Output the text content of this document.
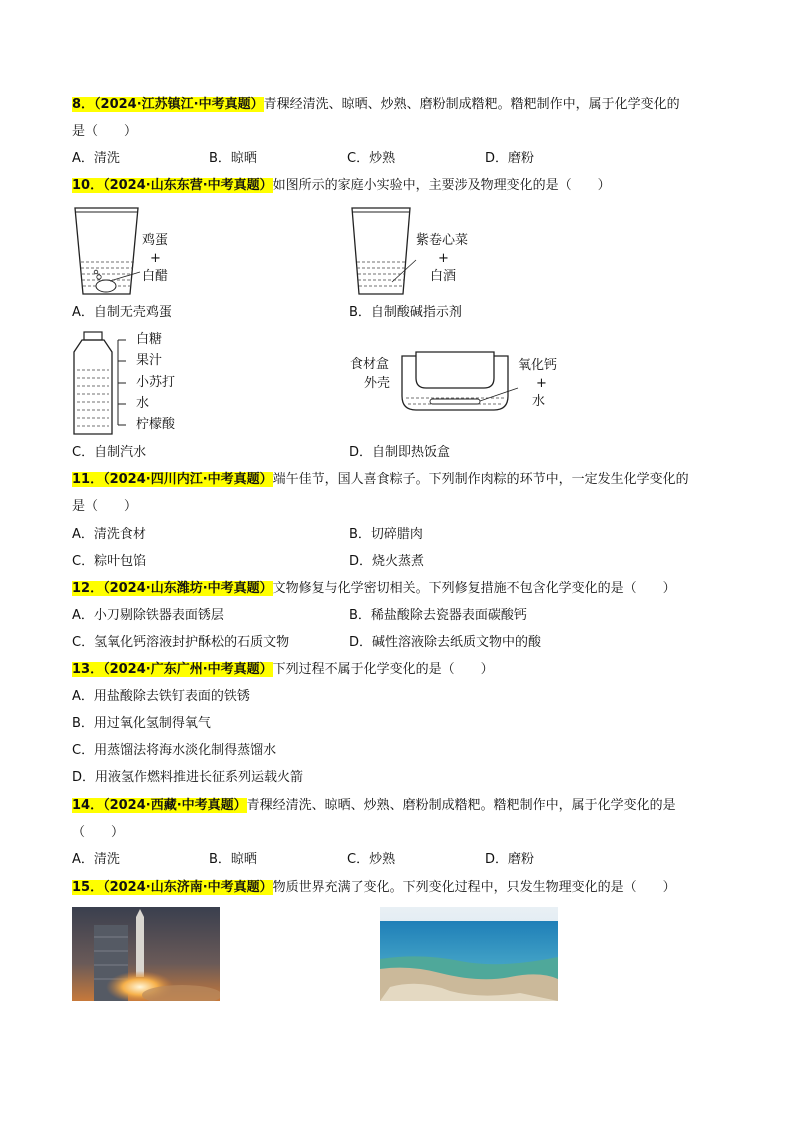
8．（2024·江苏镇江·中考真题）青稞经清洗、晾晒、炒熟、磨粉制成糌粑。糌粑制作中，属于化学变化的
是（　　）
A．清洗	B．晾晒	C．炒熟	D．磨粉
10．（2024·山东东营·中考真题）如图所示的家庭小实验中，主要涉及物理变化的是（　　）
鸡蛋
+
白醋
紫卷心菜
+
白酒
A．自制无壳鸡蛋	B．自制酸碱指示剂
白糖
果汁
小苏打
水
柠檬酸
食材盒
外壳
氧化钙
+
水
C．自制汽水	D．自制即热饭盒
11．（2024·四川内江·中考真题）端午佳节，国人喜食粽子。下列制作肉粽的环节中，一定发生化学变化的
是（　　）
A．清洗食材	B．切碎腊肉
C．粽叶包馅	D．烧火蒸煮
12．（2024·山东潍坊·中考真题）文物修复与化学密切相关。下列修复措施不包含化学变化的是（　　）
A．小刀剔除铁器表面锈层	B．稀盐酸除去瓷器表面碳酸钙
C．氢氧化钙溶液封护酥松的石质文物	D．碱性溶液除去纸质文物中的酸
13．（2024·广东广州·中考真题）下列过程不属于化学变化的是（　　）
A．用盐酸除去铁钉表面的铁锈
B．用过氧化氢制得氧气
C．用蒸馏法将海水淡化制得蒸馏水
D．用液氢作燃料推进长征系列运载火箭
14．（2024·西藏·中考真题）青稞经清洗、晾晒、炒熟、磨粉制成糌粑。糌粑制作中，属于化学变化的是
（　　）
A．清洗	B．晾晒	C．炒熟	D．磨粉
15．（2024·山东济南·中考真题）物质世界充满了变化。下列变化过程中，只发生物理变化的是（　　）
